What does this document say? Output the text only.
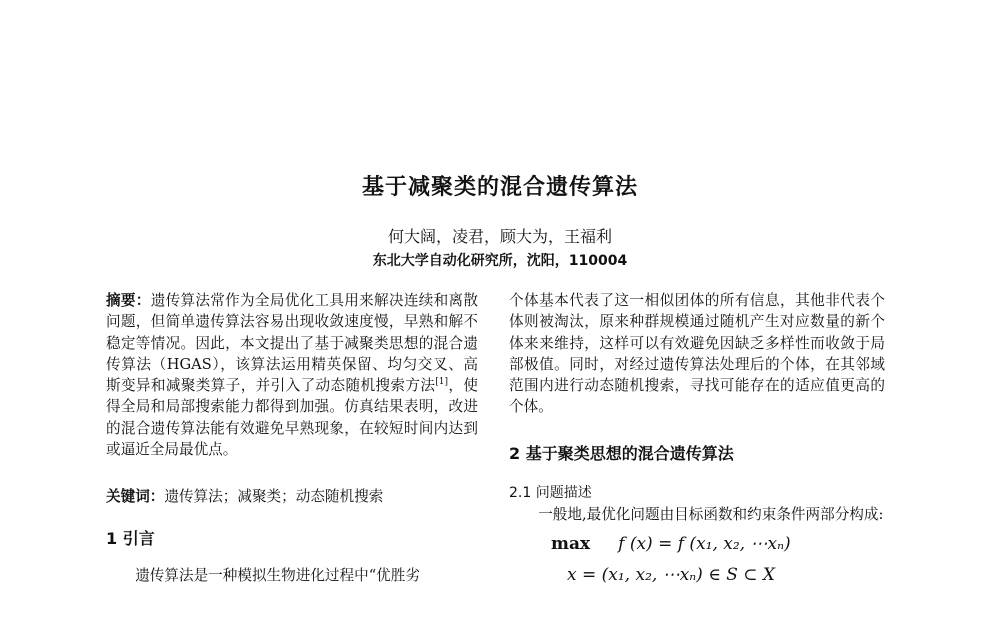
基于减聚类的混合遗传算法
何大阔，凌君，顾大为，王福利
东北大学自动化研究所，沈阳，110004
摘要：遗传算法常作为全局优化工具用来解决连续和离散问题，但简单遗传算法容易出现收敛速度慢，早熟和解不稳定等情况。因此，本文提出了基于减聚类思想的混合遗传算法（HGAS），该算法运用精英保留、均匀交叉、高斯变异和减聚类算子，并引入了动态随机搜索方法[1]，使得全局和局部搜索能力都得到加强。仿真结果表明，改进的混合遗传算法能有效避免早熟现象，在较短时间内达到或逼近全局最优点。
关键词：遗传算法；减聚类；动态随机搜索
1 引言
遗传算法是一种模拟生物进化过程中“优胜劣
个体基本代表了这一相似团体的所有信息，其他非代表个体则被淘汰，原来种群规模通过随机产生对应数量的新个体来来维持，这样可以有效避免因缺乏多样性而收敛于局部极值。同时，对经过遗传算法处理后的个体，在其邻域范围内进行动态随机搜索，寻找可能存在的适应值更高的个体。
2 基于聚类思想的混合遗传算法
2.1 问题描述
一般地,最优化问题由目标函数和约束条件两部分构成:
max f (x) = f (x₁, x₂, ⋯xₙ)
x = (x₁, x₂, ⋯xₙ) ∈ S ⊂ X
